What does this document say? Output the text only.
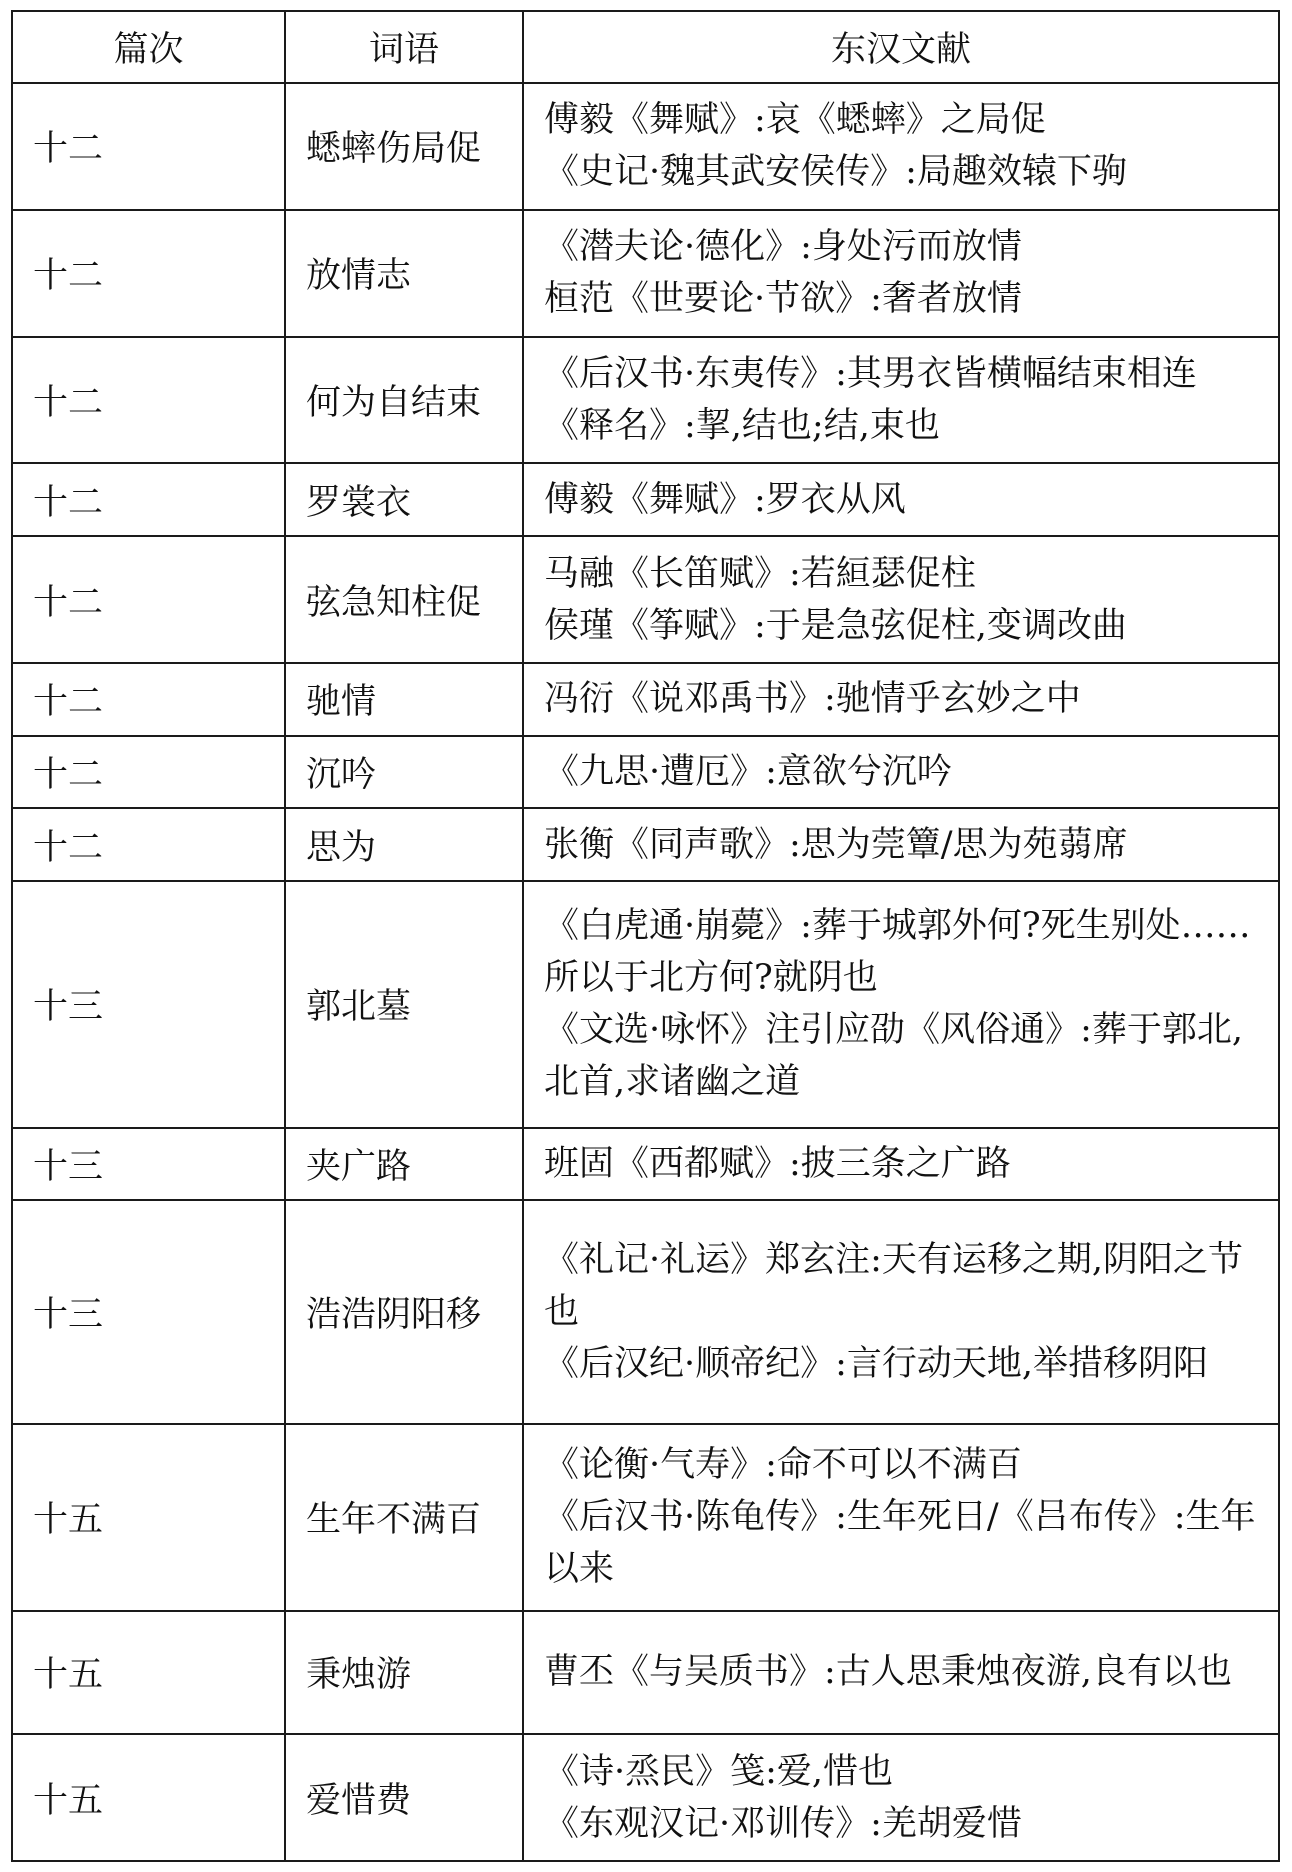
篇次	词语	东汉文献
十二	蟋蟀伤局促	傅毅《舞赋》:哀《蟋蟀》之局促
《史记·魏其武安侯传》:局趣效辕下驹

十二	放情志	《潜夫论·德化》:身处污而放情
桓范《世要论·节欲》:奢者放情

十二	何为自结束	《后汉书·东夷传》:其男衣皆横幅结束相连
《释名》:挈,结也;结,束也

十二	罗裳衣	傅毅《舞赋》:罗衣从风

十二	弦急知柱促	马融《长笛赋》:若絙瑟促柱
侯瑾《筝赋》:于是急弦促柱,变调改曲

十二	驰情	冯衍《说邓禹书》:驰情乎玄妙之中

十二	沉吟	《九思·遭厄》:意欲兮沉吟

十二	思为	张衡《同声歌》:思为莞簟/思为苑蒻席

十三	郭北墓	《白虎通·崩薨》:葬于城郭外何?死生别处……所以于北方何?就阴也
《文选·咏怀》注引应劭《风俗通》:葬于郭北,北首,求诸幽之道

十三	夹广路	班固《西都赋》:披三条之广路

十三	浩浩阴阳移	《礼记·礼运》郑玄注:天有运移之期,阴阳之节也
《后汉纪·顺帝纪》:言行动天地,举措移阴阳

十五	生年不满百	《论衡·气寿》:命不可以不满百
《后汉书·陈龟传》:生年死日/《吕布传》:生年以来

十五	秉烛游	曹丕《与吴质书》:古人思秉烛夜游,良有以也

十五	爱惜费	《诗·烝民》笺:爱,惜也
《东观汉记·邓训传》:羌胡爱惜
